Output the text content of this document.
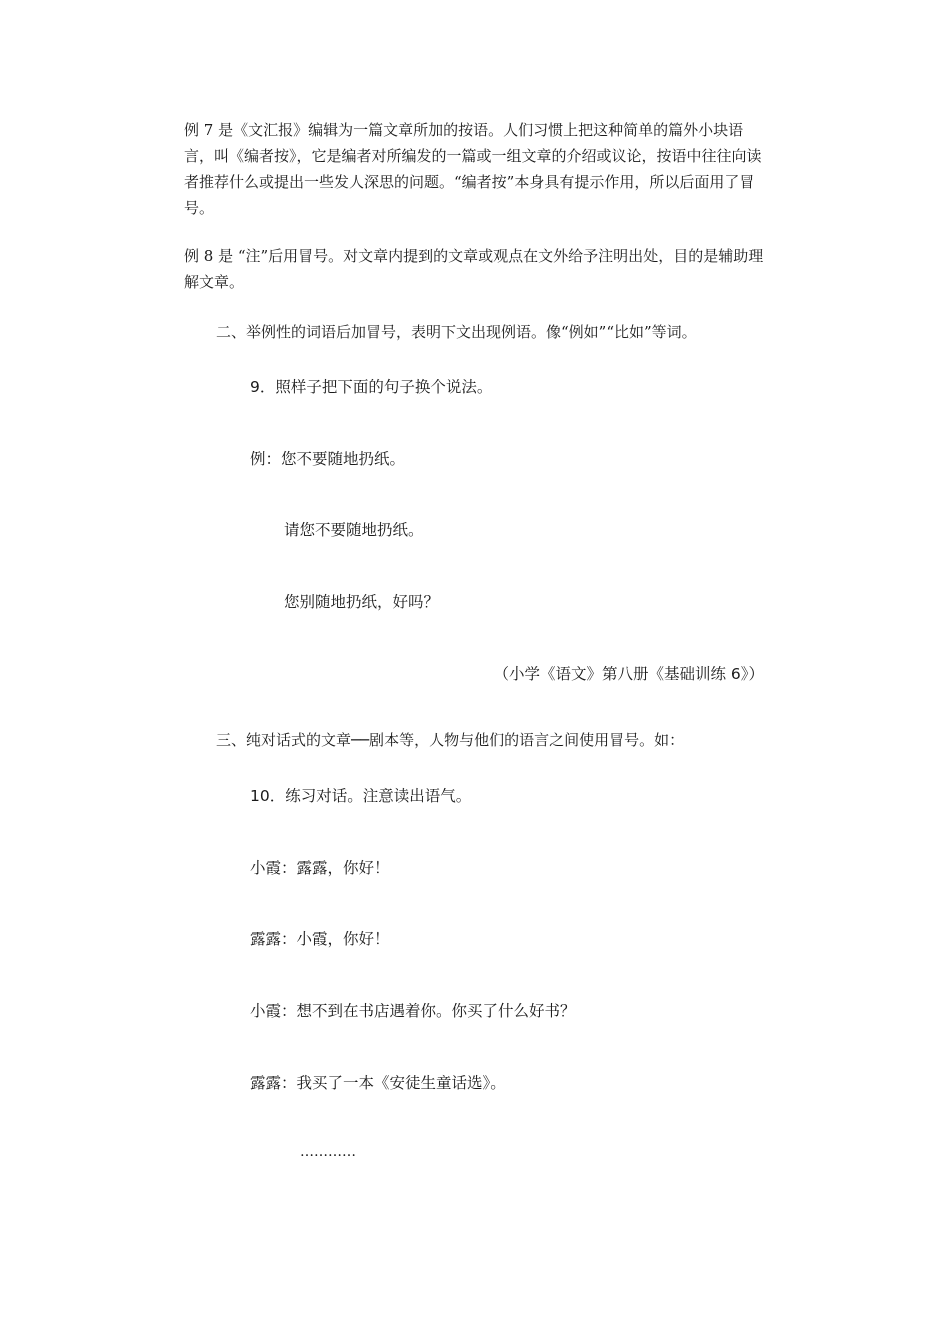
例 7 是《文汇报》编辑为一篇文章所加的按语。人们习惯上把这种简单的篇外小块语言，叫《编者按》，它是编者对所编发的一篇或一组文章的介绍或议论，按语中往往向读者推荐什么或提出一些发人深思的问题。“编者按”本身具有提示作用，所以后面用了冒号。
例 8 是 “注”后用冒号。对文章内提到的文章或观点在文外给予注明出处，目的是辅助理解文章。
二、举例性的词语后加冒号，表明下文出现例语。像“例如”“比如”等词。
9．照样子把下面的句子换个说法。
例：您不要随地扔纸。
请您不要随地扔纸。
您别随地扔纸，好吗？
（小学《语文》第八册《基础训练 6》）
三、纯对话式的文章──剧本等，人物与他们的语言之间使用冒号。如：
10．练习对话。注意读出语气。
小霞：露露，你好！
露露：小霞，你好！
小霞：想不到在书店遇着你。你买了什么好书？
露露：我买了一本《安徒生童话选》。
…………
